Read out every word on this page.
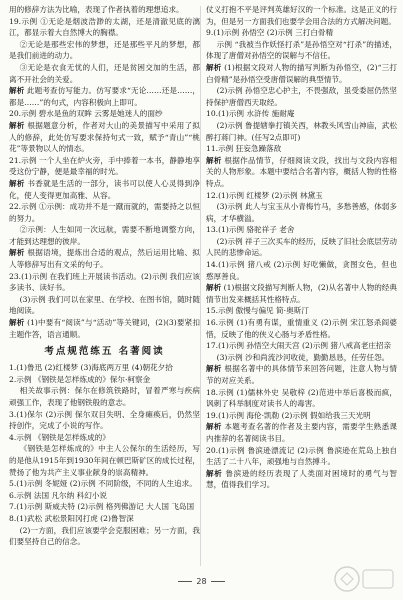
用的修辞方法为比喻，表现了作者执着的理想追求。

19.示例 ①无论是烟波浩渺的太湖，还是清澈见底的漓江，都显示着大自然博大的胸襟。

②无论是那些宏伟的梦想，还是那些平凡的梦想，都是我们前进的动力。

③无论是衣食无忧的人们，还是贫困交加的生活，都离不开社会的关爱。

解析 此题考查仿写能力。仿写要求“无论……还是……，都是……”的句式，内容积极向上即可。

20.示例 碧水是鱼的双眸 云雾是她迷人的面纱

解析 根据题意分析，作者对大山的美景描写中采用了拟人的修辞，此处仿写要求保持句式一致，赋予“青山”“桃花”等景物以人的情态。

21.示例 一个人坐在炉火旁，手中捧着一本书，静静地享受这份宁静，便是最幸福的时光。

解析 书香就是生活的一部分，读书可以使人心灵得到净化，使人变得更加高雅、从容。

22.示例 ①示例：成功并不是一蹴而就的，需要持之以恒的努力。

②示例：人生如同一次远航，需要不断地调整方向，才能到达理想的彼岸。

解析 根据语境，提炼出合适的观点，然后运用比喻、拟人等修辞写出有文采的句子。

23.(1)示例 在我们班上开展读书活动。(2)示例 我们应该多读书、读好书。

(3)示例 我们可以在家里、在学校、在图书馆，随时随地阅读。

解析 (1)中要有“阅读”与“活动”等关键词，(2)(3)要紧扣主题作答，语言通顺。

考点规范练五 名著阅读

1.(1)鲁迅 (2)红楼梦 (3)海底两万里 (4)朝花夕拾

2.示例 《钢铁是怎样炼成的》保尔·柯察金

相关故事示例：保尔在修筑铁路时，冒着严寒与疾病顽强工作，表现了他钢铁般的意志。

3.(1)保尔 (2)示例 保尔双目失明、全身瘫痪后，仍然坚持创作，完成了小说的写作。

4.示例 《钢铁是怎样炼成的》

《钢铁是怎样炼成的》中主人公保尔的生活经历，写的是他从1915年到1930年间在顿巴斯矿区的成长过程，赞扬了他为共产主义事业献身的崇高精神。

5.(1)示例 冬妮娅 (2)示例 不同阶级，不同的人生追求。

6.示例 法国 凡尔纳 科幻小说

7.(1)示例 斯威夫特 (2)示例 格列佛游记 大人国 飞岛国

8.(1)武松 武松景阳冈打虎 (2)鲁智深

(2)一方面，我们应该要学会克服困难；另一方面，我们要坚持自己的信念。

仗义打抱不平是评判英雄好汉的一个标准。这是正义的行为，但是另一方面我们也要学会用合法的方式解决问题。

9.(1)示例 孙悟空 (2)示例 三打白骨精

示例 “我被当作妖怪打杀”是孙悟空对“打杀”的描述，体现了唐僧对孙悟空的误解与不信任。

解析 (1)根据文段对人物的描写判断为孙悟空，(2)“三打白骨精”是孙悟空受唐僧误解的典型情节。

(2)示例 孙悟空忠心护主，不畏强敌，虽受委屈仍然坚持保护唐僧西天取经。

10.(1)示例 水浒传 施耐庵

(2)示例 鲁提辖拳打镇关西，林教头风雪山神庙，武松醉打蒋门神。(任写2点即可)

11.示例 狂妄急躁落敌

解析 根据作品情节，仔细阅读文段，找出与文段内容相关的人物形象。本题中要结合名著内容，概括人物的性格特点。

12.(1)示例 红楼梦 (2)示例 林黛玉

(3)示例 此人与宝玉从小青梅竹马，多愁善感，体弱多病，才华横溢。

13.(1)示例 骆驼祥子 老舍

(2)示例 祥子三次买车的经历，反映了旧社会底层劳动人民的悲惨命运。

14.(1)示例 猪八戒 (2)示例 好吃懒做，贪图女色，但也憨厚善良。

解析 (1)根据文段描写判断人物，(2)从名著中人物的经典情节出发来概括其性格特点。

15.示例 傲慢与偏见 简·奥斯汀

16.示例 (1)有勇有谋，重情重义 (2)示例 宋江怒杀阎婆惜，反映了他的侠义心肠与矛盾性格。

17.(1)示例 孙悟空大闹天宫 (2)示例 猪八戒高老庄招亲

(3)示例 沙和尚流沙河收徒，勤勤恳恳，任劳任怨。

解析 根据名著中的具体情节来回答问题，注意人物与情节的对应关系。

18.示例 (1)儒林外史 吴敬梓 (2)范进中举后喜极而疯，讽刺了科举制度对读书人的毒害。

19.(1)示例 海伦·凯勒 (2)示例 假如给我三天光明

解析 本题考查名著的作者及主要内容，需要学生熟悉课内推荐的名著阅读书目。

20.(1)示例 鲁滨逊漂流记 (2)示例 鲁滨逊在荒岛上独自生活了二十八年，顽强地与自然搏斗。

解析 鲁滨逊的经历表现了人类面对困境时的勇气与智慧，值得我们学习。

28
